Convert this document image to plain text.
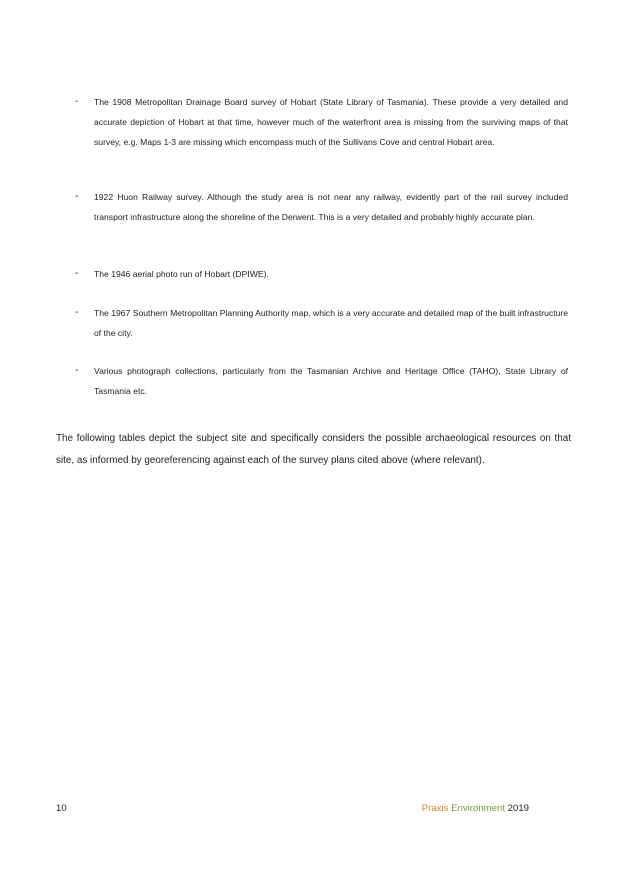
- The 1908 Metropolitan Drainage Board survey of Hobart (State Library of Tasmania). These provide a very detailed and accurate depiction of Hobart at that time, however much of the waterfront area is missing from the surviving maps of that survey, e.g. Maps 1-3 are missing which encompass much of the Sullivans Cove and central Hobart area.
- 1922 Huon Railway survey. Although the study area is not near any railway, evidently part of the rail survey included transport infrastructure along the shoreline of the Derwent. This is a very detailed and probably highly accurate plan.
- The 1946 aerial photo run of Hobart (DPIWE).
- The 1967 Southern Metropolitan Planning Authority map, which is a very accurate and detailed map of the built infrastructure of the city.
- Various photograph collections, particularly from the Tasmanian Archive and Heritage Office (TAHO), State Library of Tasmania etc.

The following tables depict the subject site and specifically considers the possible archaeological resources on that site, as informed by georeferencing against each of the survey plans cited above (where relevant).

10	Praxis Environment 2019
